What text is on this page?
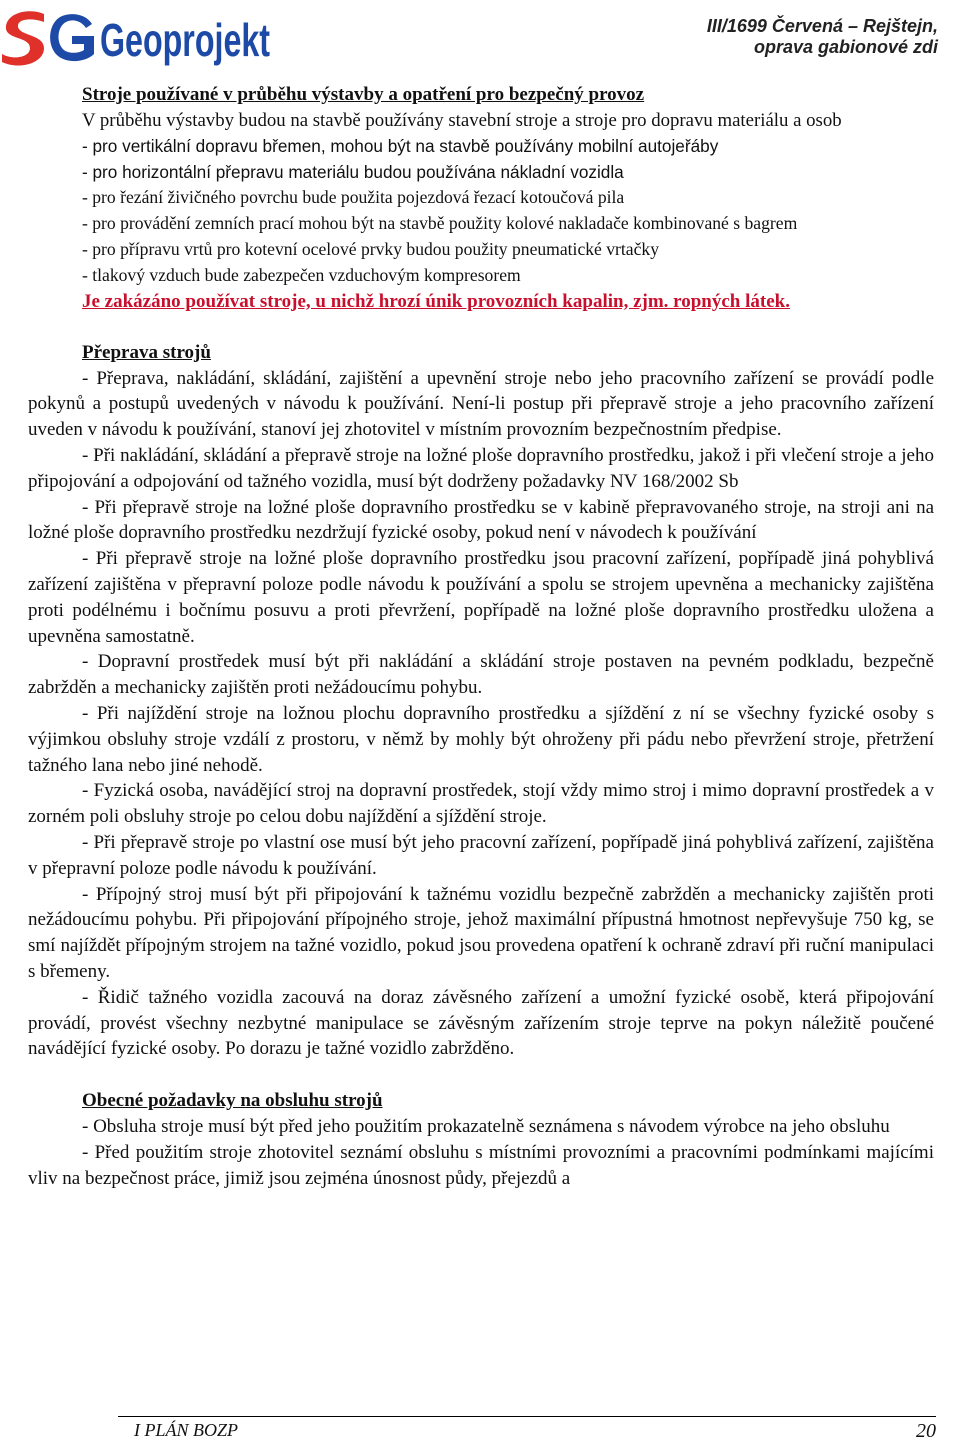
Geoprojekt	III/1699 Červená – Rejštejn,
oprava gabionové zdi

Stroje používané v průběhu výstavby a opatření pro bezpečný provoz

V průběhu výstavby budou na stavbě používány stavební stroje a stroje pro dopravu materiálu a osob

- pro vertikální dopravu břemen, mohou být na stavbě používány mobilní autojeřáby

- pro horizontální přepravu materiálu budou používána nákladní vozidla

- pro řezání živičného povrchu bude použita pojezdová řezací kotoučová pila

- pro provádění zemních prací mohou být na stavbě použity kolové nakladače kombinované s bagrem

- pro přípravu vrtů pro kotevní ocelové prvky budou použity pneumatické vrtačky

- tlakový vzduch bude zabezpečen vzduchovým kompresorem

Je zakázáno používat stroje, u nichž hrozí únik provozních kapalin, zjm. ropných látek.

Přeprava strojů

- Přeprava, nakládání, skládání, zajištění a upevnění stroje nebo jeho pracovního zařízení se provádí podle pokynů a postupů uvedených v návodu k používání. Není-li postup při přepravě stroje a jeho pracovního zařízení uveden v návodu k používání, stanoví jej zhotovitel v místním provozním bezpečnostním předpise.

- Při nakládání, skládání a přepravě stroje na ložné ploše dopravního prostředku, jakož i při vlečení stroje a jeho připojování a odpojování od tažného vozidla, musí být dodrženy požadavky NV 168/2002 Sb

- Při přepravě stroje na ložné ploše dopravního prostředku se v kabině přepravovaného stroje, na stroji ani na ložné ploše dopravního prostředku nezdržují fyzické osoby, pokud není v návodech k používání

- Při přepravě stroje na ložné ploše dopravního prostředku jsou pracovní zařízení, popřípadě jiná pohyblivá zařízení zajištěna v přepravní poloze podle návodu k používání a spolu se strojem upevněna a mechanicky zajištěna proti podélnému i bočnímu posuvu a proti převržení, popřípadě na ložné ploše dopravního prostředku uložena a upevněna samostatně.

- Dopravní prostředek musí být při nakládání a skládání stroje postaven na pevném podkladu, bezpečně zabržděn a mechanicky zajištěn proti nežádoucímu pohybu.

- Při najíždění stroje na ložnou plochu dopravního prostředku a sjíždění z ní se všechny fyzické osoby s výjimkou obsluhy stroje vzdálí z prostoru, v němž by mohly být ohroženy při pádu nebo převržení stroje, přetržení tažného lana nebo jiné nehodě.

- Fyzická osoba, navádějící stroj na dopravní prostředek, stojí vždy mimo stroj i mimo dopravní prostředek a v zorném poli obsluhy stroje po celou dobu najíždění a sjíždění stroje.

- Při přepravě stroje po vlastní ose musí být jeho pracovní zařízení, popřípadě jiná pohyblivá zařízení, zajištěna v přepravní poloze podle návodu k používání.

- Přípojný stroj musí být při připojování k tažnému vozidlu bezpečně zabržděn a mechanicky zajištěn proti nežádoucímu pohybu. Při připojování přípojného stroje, jehož maximální přípustná hmotnost nepřevyšuje 750 kg, se smí najíždět přípojným strojem na tažné vozidlo, pokud jsou provedena opatření k ochraně zdraví při ruční manipulaci s břemeny.

- Řidič tažného vozidla zacouvá na doraz závěsného zařízení a umožní fyzické osobě, která připojování provádí, provést všechny nezbytné manipulace se závěsným zařízením stroje teprve na pokyn náležitě poučené navádějící fyzické osoby. Po dorazu je tažné vozidlo zabržděno.

Obecné požadavky na obsluhu strojů

- Obsluha stroje musí být před jeho použitím prokazatelně seznámena s návodem výrobce na jeho obsluhu

- Před použitím stroje zhotovitel seznámí obsluhu s místními provozními a pracovními podmínkami majícími vliv na bezpečnost práce, jimiž jsou zejména únosnost půdy, přejezdů a

I PLÁN BOZP	20
